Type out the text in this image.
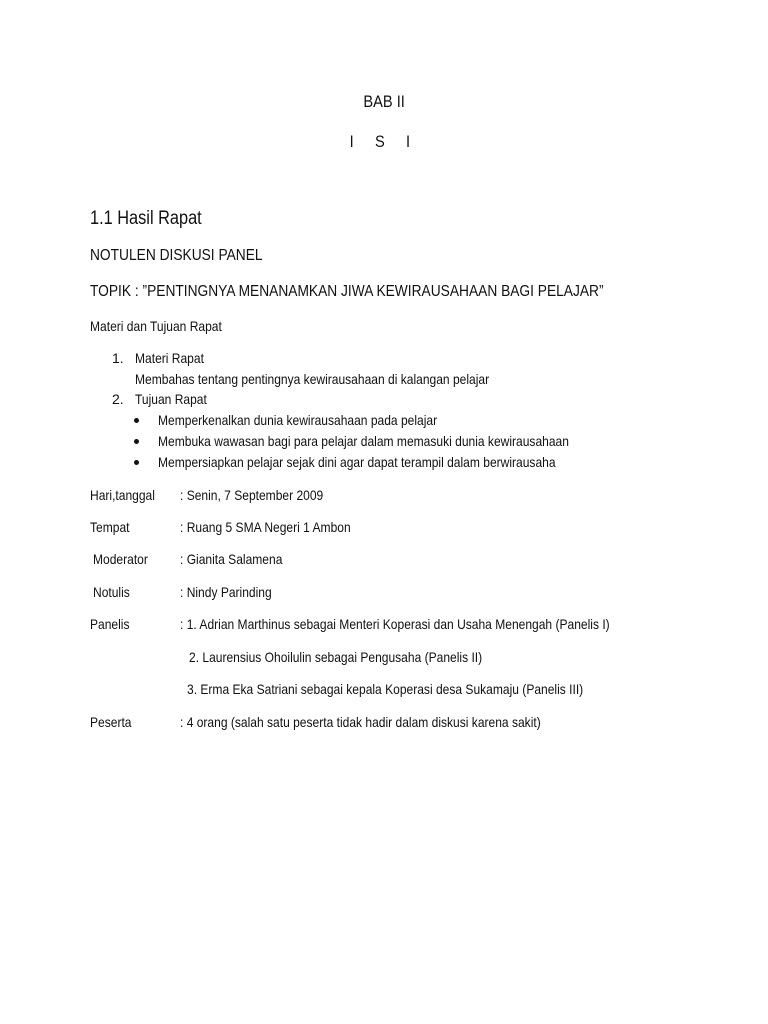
BAB II
I S I
1.1 Hasil Rapat
NOTULEN DISKUSI PANEL
TOPIK : ”PENTINGNYA MENANAMKAN JIWA KEWIRAUSAHAAN BAGI PELAJAR”
Materi dan Tujuan Rapat
1. Materi Rapat
Membahas tentang pentingnya kewirausahaan di kalangan pelajar
2. Tujuan Rapat
Memperkenalkan dunia kewirausahaan pada pelajar
Membuka wawasan bagi para pelajar dalam memasuki dunia kewirausahaan
Mempersiapkan pelajar sejak dini agar dapat terampil dalam berwirausaha
Hari,tanggal	: Senin, 7 September 2009
Tempat	: Ruang 5 SMA Negeri 1 Ambon
Moderator	: Gianita Salamena
Notulis	: Nindy Parinding
Panelis	: 1. Adrian Marthinus sebagai Menteri Koperasi dan Usaha Menengah (Panelis I)
2. Laurensius Ohoilulin sebagai Pengusaha (Panelis II)
3. Erma Eka Satriani sebagai kepala Koperasi desa Sukamaju (Panelis III)
Peserta	: 4 orang (salah satu peserta tidak hadir dalam diskusi karena sakit)
